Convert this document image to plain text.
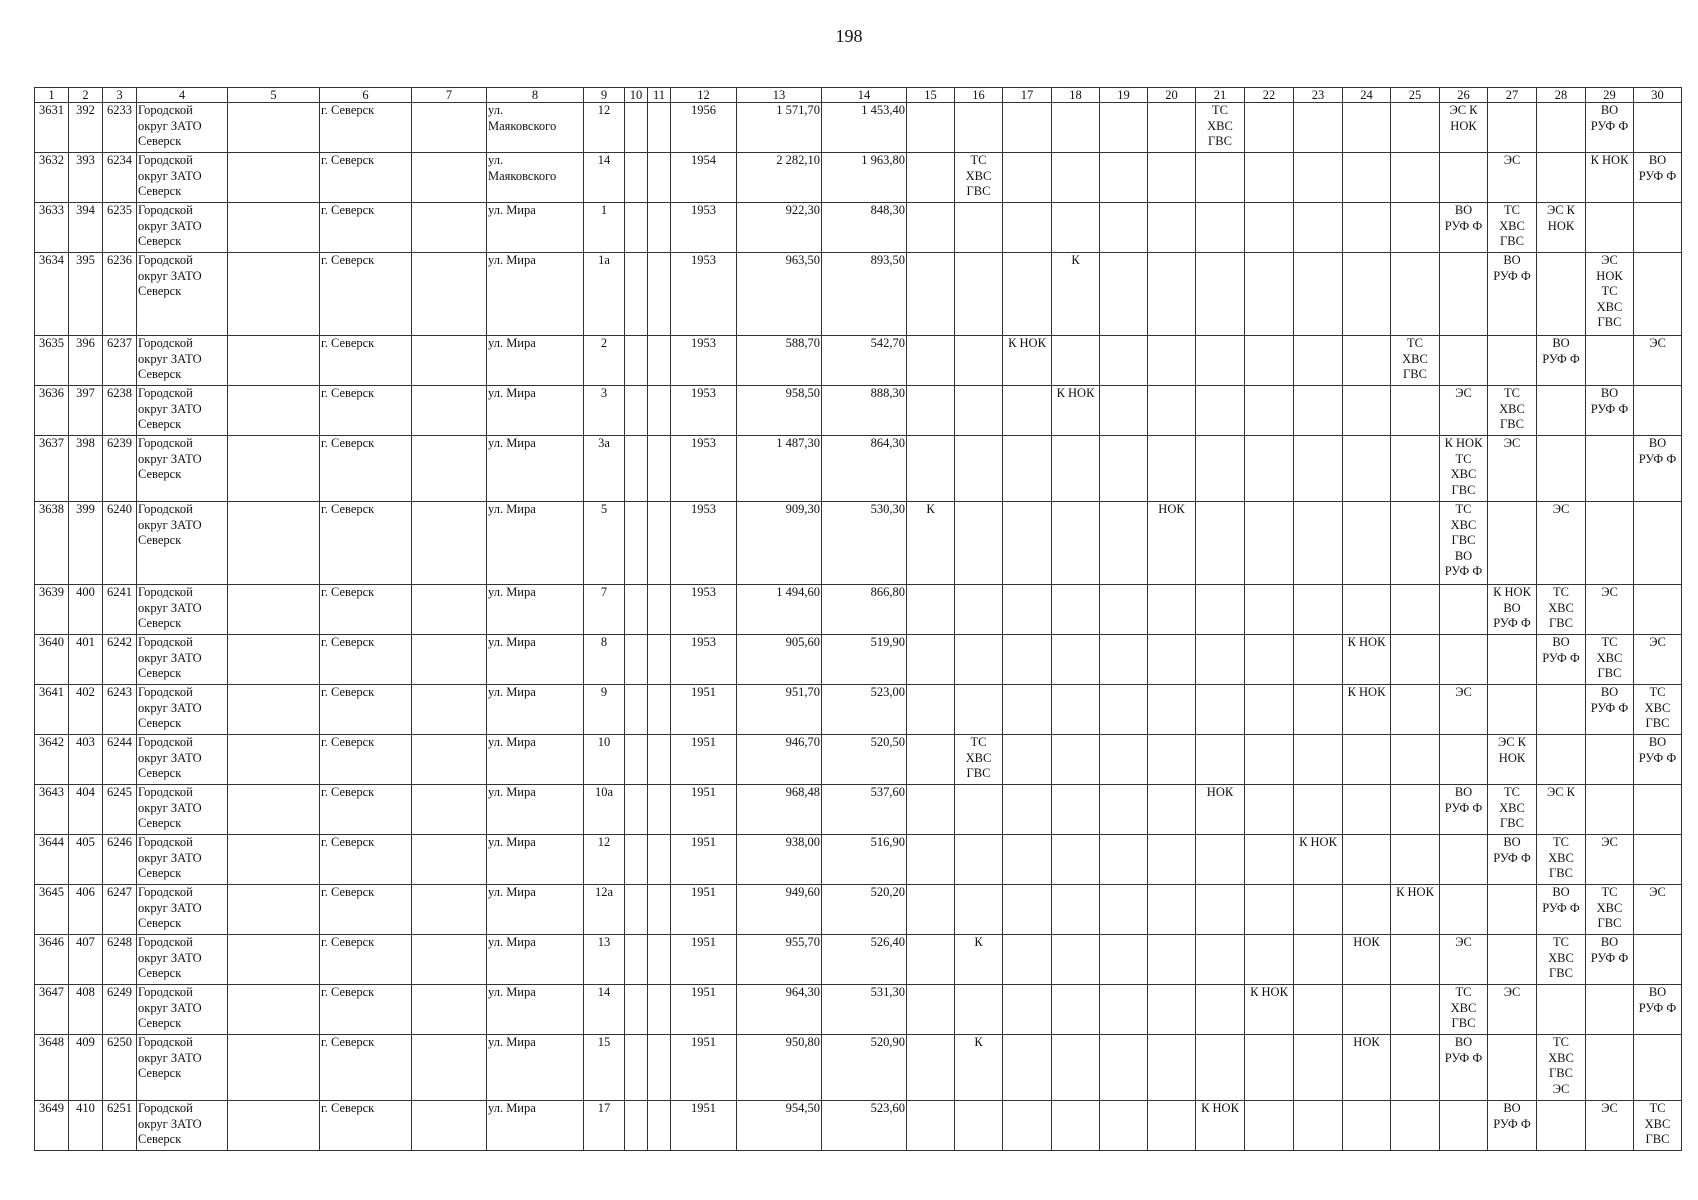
198
1	2	3	4	5	6	7	8	9	10	11	12	13	14	15	16	17	18	19	20	21	22	23	24	25	26	27	28	29	30
3631	392	6233	Городской
округ ЗАТО
Северск		г. Северск		ул.
Маяковского	12			1956	1 571,70	1 453,40							ТС
ХВС
ГВС					ЭС К
НОК			ВО
РУФ Ф	
3632	393	6234	Городской
округ ЗАТО
Северск		г. Северск		ул.
Маяковского	14			1954	2 282,10	1 963,80		ТС
ХВС
ГВС											ЭС		К НОК	ВО
РУФ Ф
3633	394	6235	Городской
округ ЗАТО
Северск		г. Северск		ул. Мира	1			1953	922,30	848,30												ВО
РУФ Ф	ТС
ХВС
ГВС	ЭС К
НОК		
3634	395	6236	Городской
округ ЗАТО
Северск		г. Северск		ул. Мира	1а			1953	963,50	893,50				К									ВО
РУФ Ф		ЭС
НОК
ТС
ХВС
ГВС	
3635	396	6237	Городской
округ ЗАТО
Северск		г. Северск		ул. Мира	2			1953	588,70	542,70			К НОК								ТС
ХВС
ГВС			ВО
РУФ Ф		ЭС
3636	397	6238	Городской
округ ЗАТО
Северск		г. Северск		ул. Мира	3			1953	958,50	888,30				К НОК								ЭС	ТС
ХВС
ГВС		ВО
РУФ Ф	
3637	398	6239	Городской
округ ЗАТО
Северск		г. Северск		ул. Мира	3а			1953	1 487,30	864,30												К НОК
ТС
ХВС
ГВС	ЭС			ВО
РУФ Ф
3638	399	6240	Городской
округ ЗАТО
Северск		г. Северск		ул. Мира	5			1953	909,30	530,30	К					НОК						ТС
ХВС
ГВС
ВО
РУФ Ф		ЭС		
3639	400	6241	Городской
округ ЗАТО
Северск		г. Северск		ул. Мира	7			1953	1 494,60	866,80													К НОК
ВО
РУФ Ф	ТС
ХВС
ГВС	ЭС	
3640	401	6242	Городской
округ ЗАТО
Северск		г. Северск		ул. Мира	8			1953	905,60	519,90										К НОК				ВО
РУФ Ф	ТС
ХВС
ГВС	ЭС
3641	402	6243	Городской
округ ЗАТО
Северск		г. Северск		ул. Мира	9			1951	951,70	523,00										К НОК		ЭС			ВО
РУФ Ф	ТС
ХВС
ГВС
3642	403	6244	Городской
округ ЗАТО
Северск		г. Северск		ул. Мира	10			1951	946,70	520,50		ТС
ХВС
ГВС											ЭС К
НОК			ВО
РУФ Ф
3643	404	6245	Городской
округ ЗАТО
Северск		г. Северск		ул. Мира	10а			1951	968,48	537,60							НОК					ВО
РУФ Ф	ТС
ХВС
ГВС	ЭС К		
3644	405	6246	Городской
округ ЗАТО
Северск		г. Северск		ул. Мира	12			1951	938,00	516,90									К НОК				ВО
РУФ Ф	ТС
ХВС
ГВС	ЭС	
3645	406	6247	Городской
округ ЗАТО
Северск		г. Северск		ул. Мира	12а			1951	949,60	520,20											К НОК			ВО
РУФ Ф	ТС
ХВС
ГВС	ЭС
3646	407	6248	Городской
округ ЗАТО
Северск		г. Северск		ул. Мира	13			1951	955,70	526,40		К								НОК		ЭС		ТС
ХВС
ГВС	ВО
РУФ Ф	
3647	408	6249	Городской
округ ЗАТО
Северск		г. Северск		ул. Мира	14			1951	964,30	531,30								К НОК				ТС
ХВС
ГВС	ЭС			ВО
РУФ Ф
3648	409	6250	Городской
округ ЗАТО
Северск		г. Северск		ул. Мира	15			1951	950,80	520,90		К								НОК		ВО
РУФ Ф		ТС
ХВС
ГВС
ЭС		
3649	410	6251	Городской
округ ЗАТО
Северск		г. Северск		ул. Мира	17			1951	954,50	523,60							К НОК						ВО
РУФ Ф		ЭС	ТС
ХВС
ГВС
